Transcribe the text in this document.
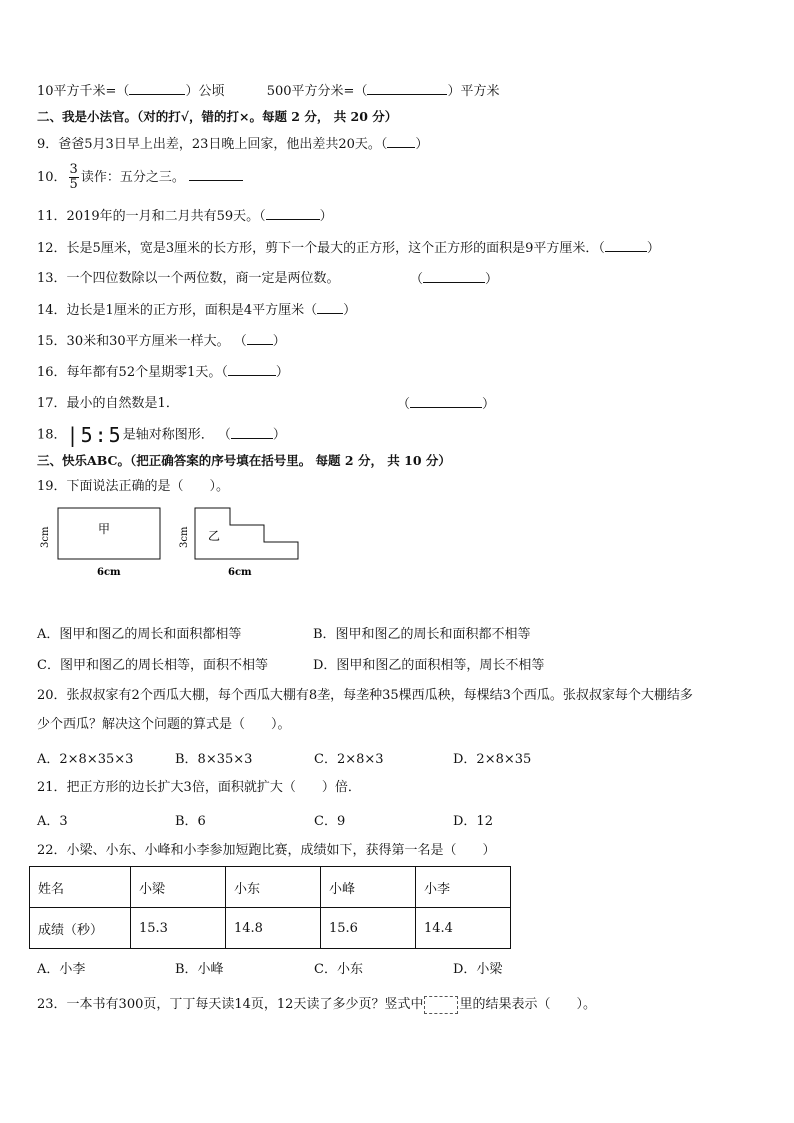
10平方千米=（	）公顷	500平方分米=（	）平方米
二、我是小法官。（对的打√，错的打×。每题 2 分， 共 20 分）
9．爸爸5月3日早上出差，23日晚上回家，他出差共20天。（ ）
10． $\frac{3}{5}$ 读作：五分之三。
11．2019年的一月和二月共有59天。（	）
12．长是5厘米，宽是3厘米的长方形，剪下一个最大的正方形，这个正方形的面积是9平方厘米．（	）
13．一个四位数除以一个两位数，商一定是两位数。	（	）
14．边长是1厘米的正方形，面积是4平方厘米（ ）
15．30米和30平方厘米一样大。 （ ）
16．每年都有52个星期零1天。（	）
17．最小的自然数是1．	（	）
18．|5:5是轴对称图形． （	）
三、快乐ABC。（把正确答案的序号填在括号里。 每题 2 分， 共 10 分）
19．下面说法正确的是（　　）。
甲
3cm
6cm
乙
3cm
6cm
A．图甲和图乙的周长和面积都相等	B．图甲和图乙的周长和面积都不相等
C．图甲和图乙的周长相等，面积不相等	D．图甲和图乙的面积相等，周长不相等
20．张叔叔家有2个西瓜大棚，每个西瓜大棚有8垄，每垄种35棵西瓜秧，每棵结3个西瓜。张叔叔家每个大棚结多
少个西瓜？解决这个问题的算式是（　　）。
A．2×8×35×3	B．8×35×3	C．2×8×3	D．2×8×35
21．把正方形的边长扩大3倍，面积就扩大（　　）倍．
A．3	B．6	C．9	D．12
22．小梁、小东、小峰和小李参加短跑比赛，成绩如下，获得第一名是（　　）
姓名	小梁	小东	小峰	小李
成绩（秒）	15.3	14.8	15.6	14.4
A．小李	B．小峰	C．小东	D．小梁
23．一本书有300页，丁丁每天读14页，12天读了多少页？竖式中	里的结果表示（　　）。
